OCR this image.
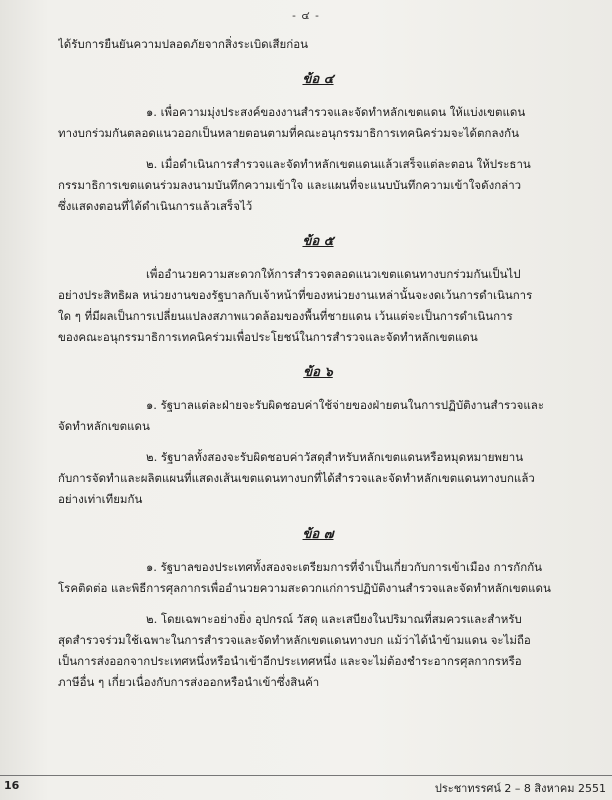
- ๔ -
ได้รับการยืนยันความปลอดภัยจากสิ่งระเบิดเสียก่อน
ข้อ ๔
๑. เพื่อความมุ่งประสงค์ของงานสำรวจและจัดทำหลักเขตแดน ให้แบ่งเขตแดน
ทางบกร่วมกันตลอดแนวออกเป็นหลายตอนตามที่คณะอนุกรรมาธิการเทคนิคร่วมจะได้ตกลงกัน
๒. เมื่อดำเนินการสำรวจและจัดทำหลักเขตแดนแล้วเสร็จแต่ละตอน ให้ประธาน
กรรมาธิการเขตแดนร่วมลงนามบันทึกความเข้าใจ และแผนที่จะแนบบันทึกความเข้าใจดังกล่าว
ซึ่งแสดงตอนที่ได้ดำเนินการแล้วเสร็จไว้
ข้อ ๕
เพื่ออำนวยความสะดวกให้การสำรวจตลอดแนวเขตแดนทางบกร่วมกันเป็นไป
อย่างประสิทธิผล หน่วยงานของรัฐบาลกับเจ้าหน้าที่ของหน่วยงานเหล่านั้นจะงดเว้นการดำเนินการ
ใด ๆ ที่มีผลเป็นการเปลี่ยนแปลงสภาพแวดล้อมของพื้นที่ชายแดน เว้นแต่จะเป็นการดำเนินการ
ของคณะอนุกรรมาธิการเทคนิคร่วมเพื่อประโยชน์ในการสำรวจและจัดทำหลักเขตแดน
ข้อ ๖
๑. รัฐบาลแต่ละฝ่ายจะรับผิดชอบค่าใช้จ่ายของฝ่ายตนในการปฏิบัติงานสำรวจและ
จัดทำหลักเขตแดน
๒. รัฐบาลทั้งสองจะรับผิดชอบค่าวัสดุสำหรับหลักเขตแดนหรือหมุดหมายพยาน
กับการจัดทำและผลิตแผนที่แสดงเส้นเขตแดนทางบกที่ได้สำรวจและจัดทำหลักเขตแดนทางบกแล้ว
อย่างเท่าเทียมกัน
ข้อ ๗
๑. รัฐบาลของประเทศทั้งสองจะเตรียมการที่จำเป็นเกี่ยวกับการเข้าเมือง การกักกัน
โรคติดต่อ และพิธีการศุลกากรเพื่ออำนวยความสะดวกแก่การปฏิบัติงานสำรวจและจัดทำหลักเขตแดน
๒. โดยเฉพาะอย่างยิ่ง อุปกรณ์ วัสดุ และเสบียงในปริมาณที่สมควรและสำหรับ
สุดสำรวจร่วมใช้เฉพาะในการสำรวจและจัดทำหลักเขตแดนทางบก แม้ว่าได้นำข้ามแดน จะไม่ถือ
เป็นการส่งออกจากประเทศหนึ่งหรือนำเข้าอีกประเทศหนึ่ง และจะไม่ต้องชำระอากรศุลกากรหรือ
ภาษีอื่น ๆ เกี่ยวเนื่องกับการส่งออกหรือนำเข้าซึ่งสินค้า
16	ประชาทรรศน์ 2 – 8 สิงหาคม 2551
